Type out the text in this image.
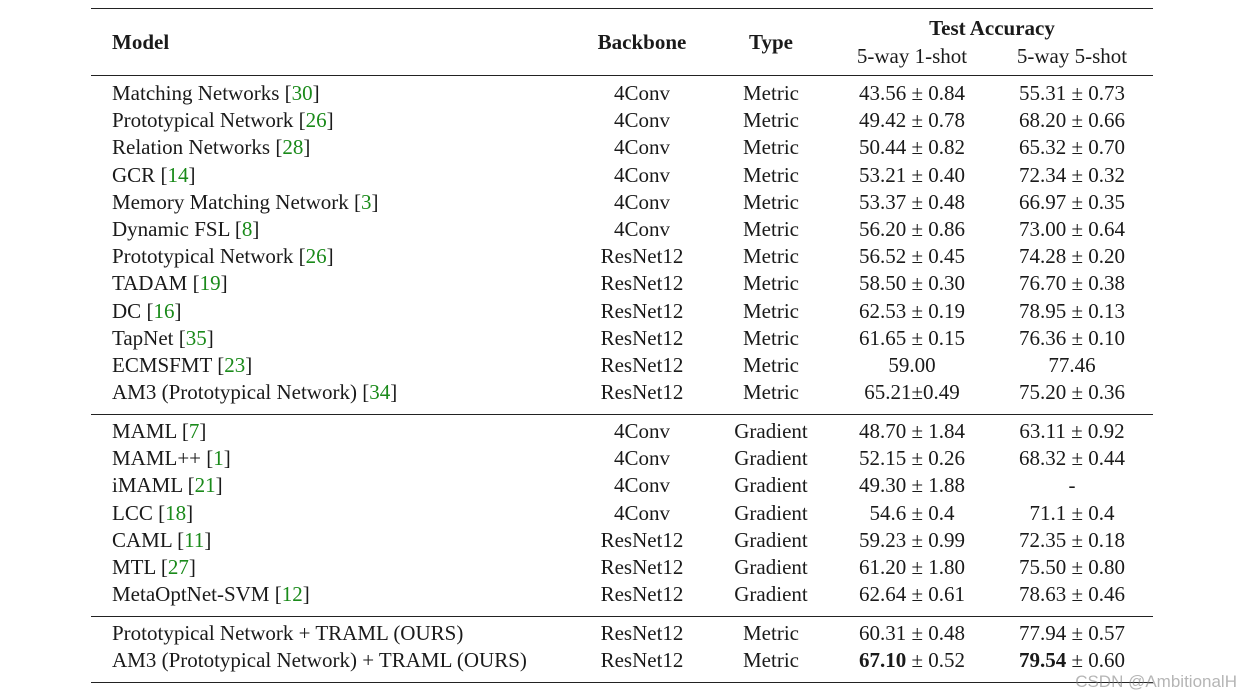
Model	Backbone	Type
Test Accuracy
5-way 1-shot	5-way 5-shot
Matching Networks [30]	4Conv	Metric	43.56 ± 0.84	55.31 ± 0.73
Prototypical Network [26]	4Conv	Metric	49.42 ± 0.78	68.20 ± 0.66
Relation Networks [28]	4Conv	Metric	50.44 ± 0.82	65.32 ± 0.70
GCR [14]	4Conv	Metric	53.21 ± 0.40	72.34 ± 0.32
Memory Matching Network [3]	4Conv	Metric	53.37 ± 0.48	66.97 ± 0.35
Dynamic FSL [8]	4Conv	Metric	56.20 ± 0.86	73.00 ± 0.64
Prototypical Network [26]	ResNet12	Metric	56.52 ± 0.45	74.28 ± 0.20
TADAM [19]	ResNet12	Metric	58.50 ± 0.30	76.70 ± 0.38
DC [16]	ResNet12	Metric	62.53 ± 0.19	78.95 ± 0.13
TapNet [35]	ResNet12	Metric	61.65 ± 0.15	76.36 ± 0.10
ECMSFMT [23]	ResNet12	Metric	59.00	77.46
AM3 (Prototypical Network) [34]	ResNet12	Metric	65.21±0.49	75.20 ± 0.36
MAML [7]	4Conv	Gradient	48.70 ± 1.84	63.11 ± 0.92
MAML++ [1]	4Conv	Gradient	52.15 ± 0.26	68.32 ± 0.44
iMAML [21]	4Conv	Gradient	49.30 ± 1.88	-
LCC [18]	4Conv	Gradient	54.6 ± 0.4	71.1 ± 0.4
CAML [11]	ResNet12	Gradient	59.23 ± 0.99	72.35 ± 0.18
MTL [27]	ResNet12	Gradient	61.20 ± 1.80	75.50 ± 0.80
MetaOptNet-SVM [12]	ResNet12	Gradient	62.64 ± 0.61	78.63 ± 0.46
Prototypical Network + TRAML (OURS)	ResNet12	Metric	60.31 ± 0.48	77.94 ± 0.57
AM3 (Prototypical Network) + TRAML (OURS)	ResNet12	Metric	67.10 ± 0.52	79.54 ± 0.60
CSDN @AmbitionalH
